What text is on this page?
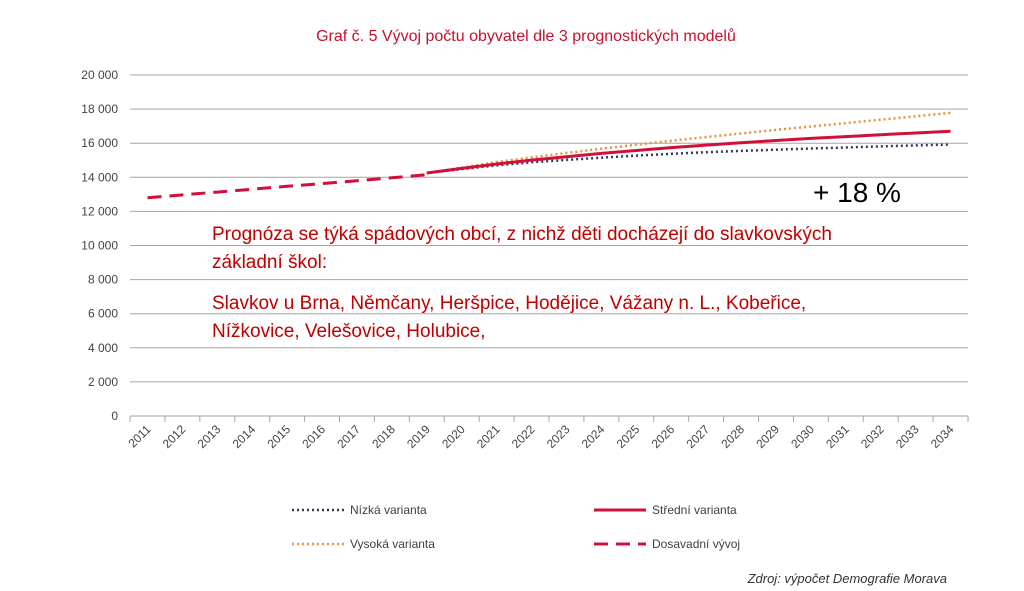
Graf č. 5 Vývoj počtu obyvatel dle 3 prognostických modelů
0
2 000
4 000
6 000
8 000
10 000
12 000
14 000
16 000
18 000
20 000
2011 2012 2013 2014 2015 2016 2017 2018 2019 2020 2021 2022 2023 2024 2025 2026 2027 2028 2029 2030 2031 2032 2033 2034
+ 18 %
Prognóza se týká spádových obcí, z nichž děti docházejí do slavkovských
základní škol:
Slavkov u Brna, Němčany, Heršpice, Hodějice, Vážany n. L., Kobeřice,
Nížkovice, Velešovice, Holubice,
Nízká varianta	Střední varianta
Vysoká varianta	Dosavadní vývoj
Zdroj: výpočet Demografie Morava
